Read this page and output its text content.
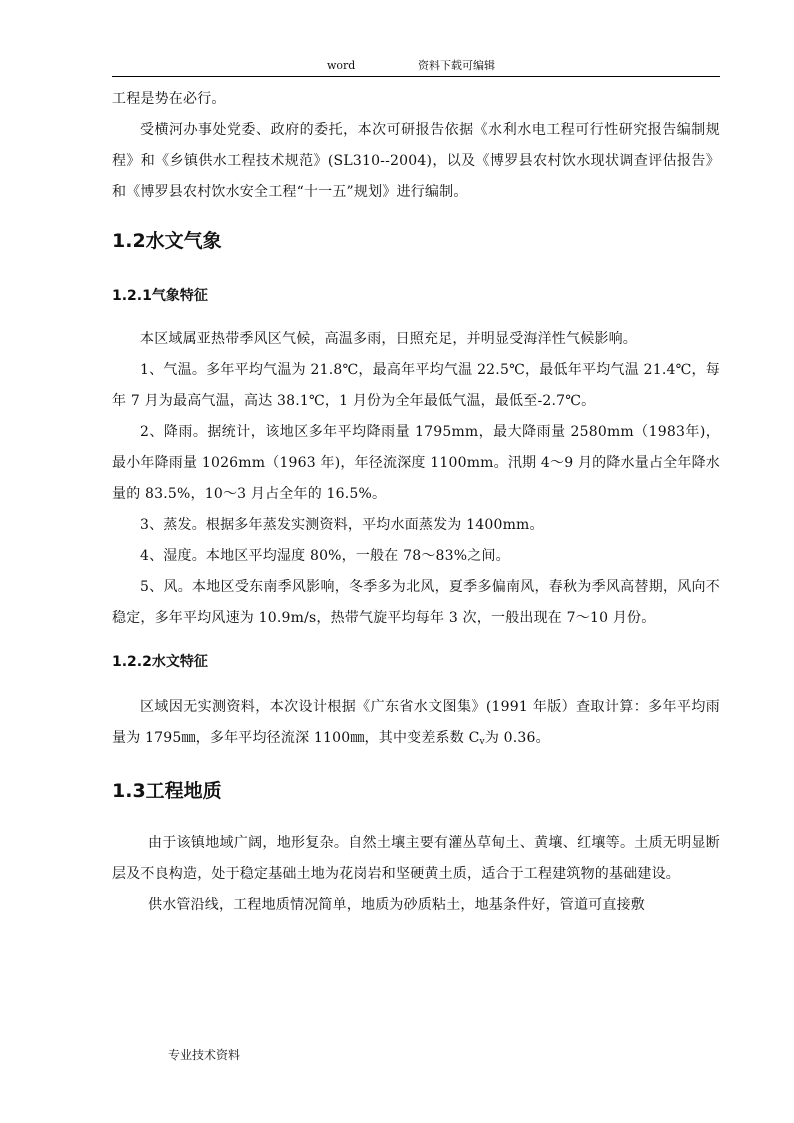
word	资料下载可编辑

工程是势在必行。

受横河办事处党委、政府的委托，本次可研报告依据《水利水电工程可行性研究报告编制规程》和《乡镇供水工程技术规范》(SL310--2004)，以及《博罗县农村饮水现状调查评估报告》和《博罗县农村饮水安全工程“十一五”规划》进行编制。

1.2水文气象
1.2.1气象特征

本区域属亚热带季风区气候，高温多雨，日照充足，并明显受海洋性气候影响。

1、气温。多年平均气温为 21.8℃，最高年平均气温 22.5℃，最低年平均气温 21.4℃，每年 7 月为最高气温，高达 38.1℃，1 月份为全年最低气温，最低至-2.7℃。

2、降雨。据统计，该地区多年平均降雨量 1795mm，最大降雨量 2580mm（1983年)，最小年降雨量 1026mm（1963 年)，年径流深度 1100mm。汛期 4～9 月的降水量占全年降水量的 83.5%，10～3 月占全年的 16.5%。

3、蒸发。根据多年蒸发实测资料，平均水面蒸发为 1400mm。

4、湿度。本地区平均湿度 80%，一般在 78～83%之间。

5、风。本地区受东南季风影响，冬季多为北风，夏季多偏南风，春秋为季风高替期，风向不稳定，多年平均风速为 10.9m/s，热带气旋平均每年 3 次，一般出现在 7～10 月份。

1.2.2水文特征

区域因无实测资料，本次设计根据《广东省水文图集》(1991 年版）查取计算：多年平均雨量为 1795㎜，多年平均径流深 1100㎜，其中变差系数 $C_v$为 0.36。

1.3工程地质

由于该镇地域广阔，地形复杂。自然土壤主要有灌丛草甸土、黄壤、红壤等。土质无明显断层及不良构造，处于稳定基础土地为花岗岩和坚硬黄土质，适合于工程建筑物的基础建设。

供水管沿线，工程地质情况简单，地质为砂质粘土，地基条件好，管道可直接敷

专业技术资料
